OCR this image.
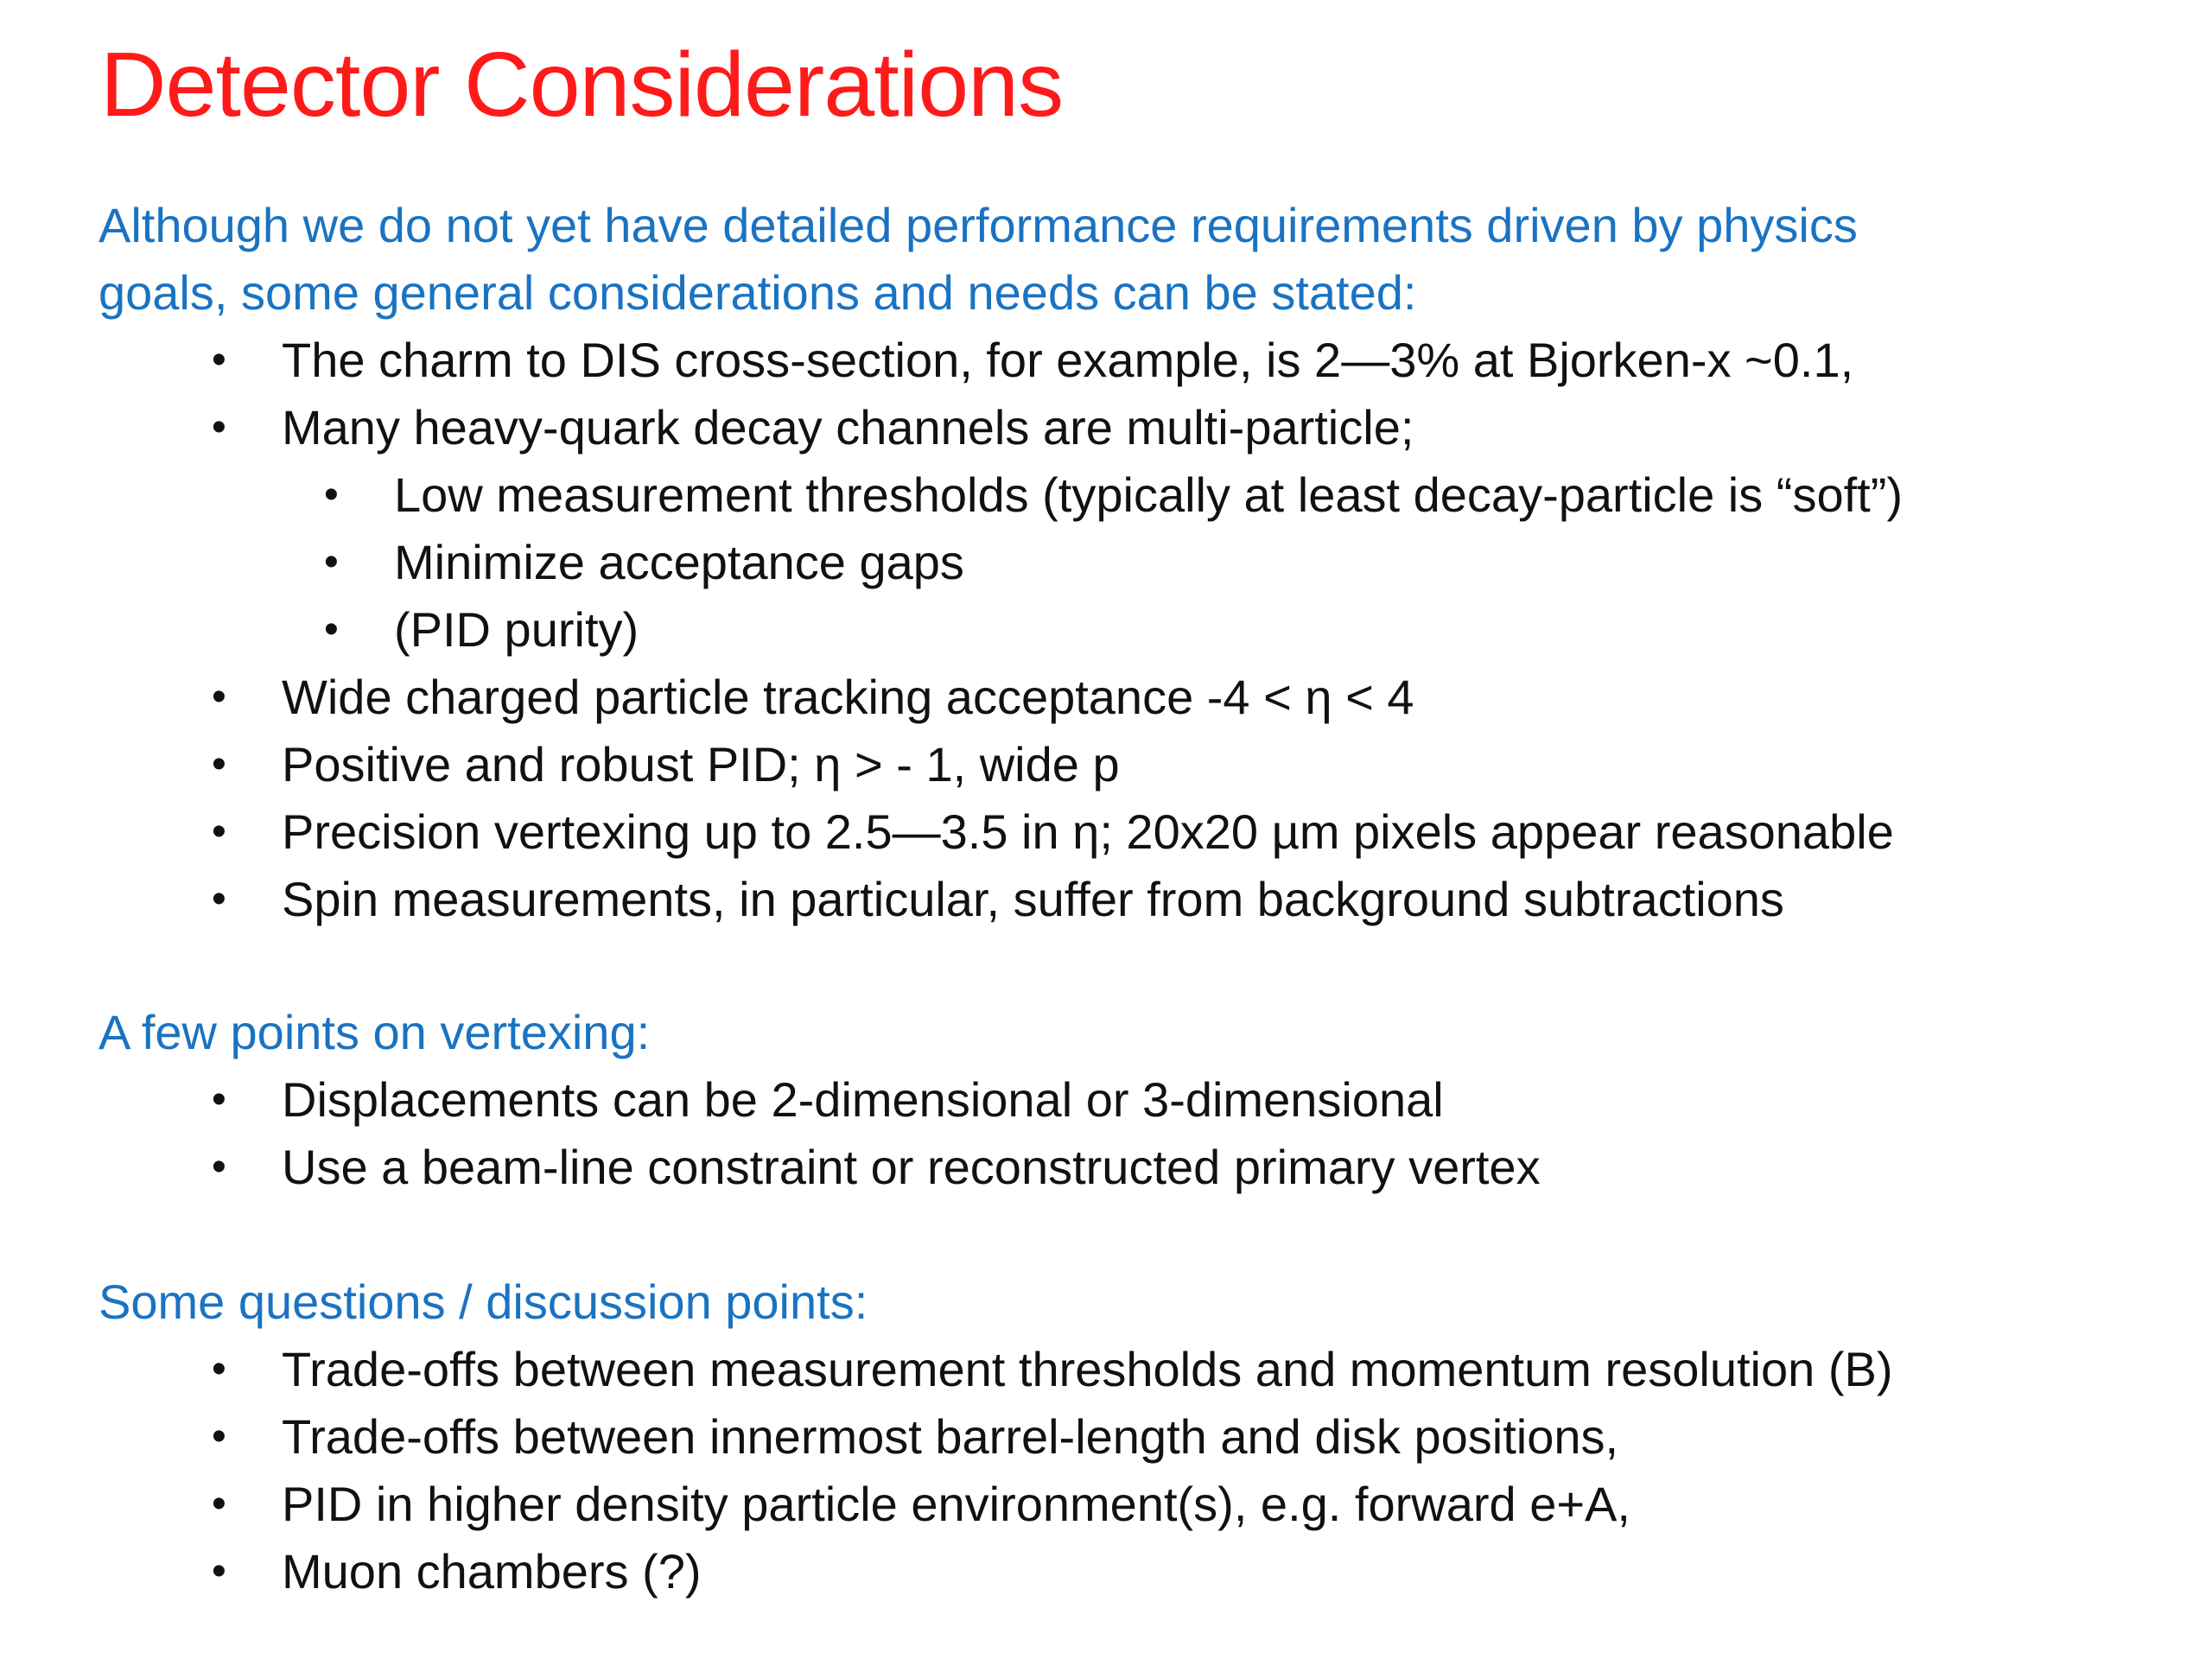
Detector Considerations
Although we do not yet have detailed performance requirements driven by physics
goals, some general considerations and needs can be stated:
• The charm to DIS cross-section, for example, is 2—3% at Bjorken-x ~0.1,
• Many heavy-quark decay channels are multi-particle;
• Low measurement thresholds (typically at least decay-particle is “soft”)
• Minimize acceptance gaps
• (PID purity)
• Wide charged particle tracking acceptance -4 < η < 4
• Positive and robust PID; η > - 1, wide p
• Precision vertexing up to 2.5—3.5 in η; 20x20 µm pixels appear reasonable
• Spin measurements, in particular, suffer from background subtractions
A few points on vertexing:
• Displacements can be 2-dimensional or 3-dimensional
• Use a beam-line constraint or reconstructed primary vertex
Some questions / discussion points:
• Trade-offs between measurement thresholds and momentum resolution (B)
• Trade-offs between innermost barrel-length and disk positions,
• PID in higher density particle environment(s), e.g. forward e+A,
• Muon chambers (?)
